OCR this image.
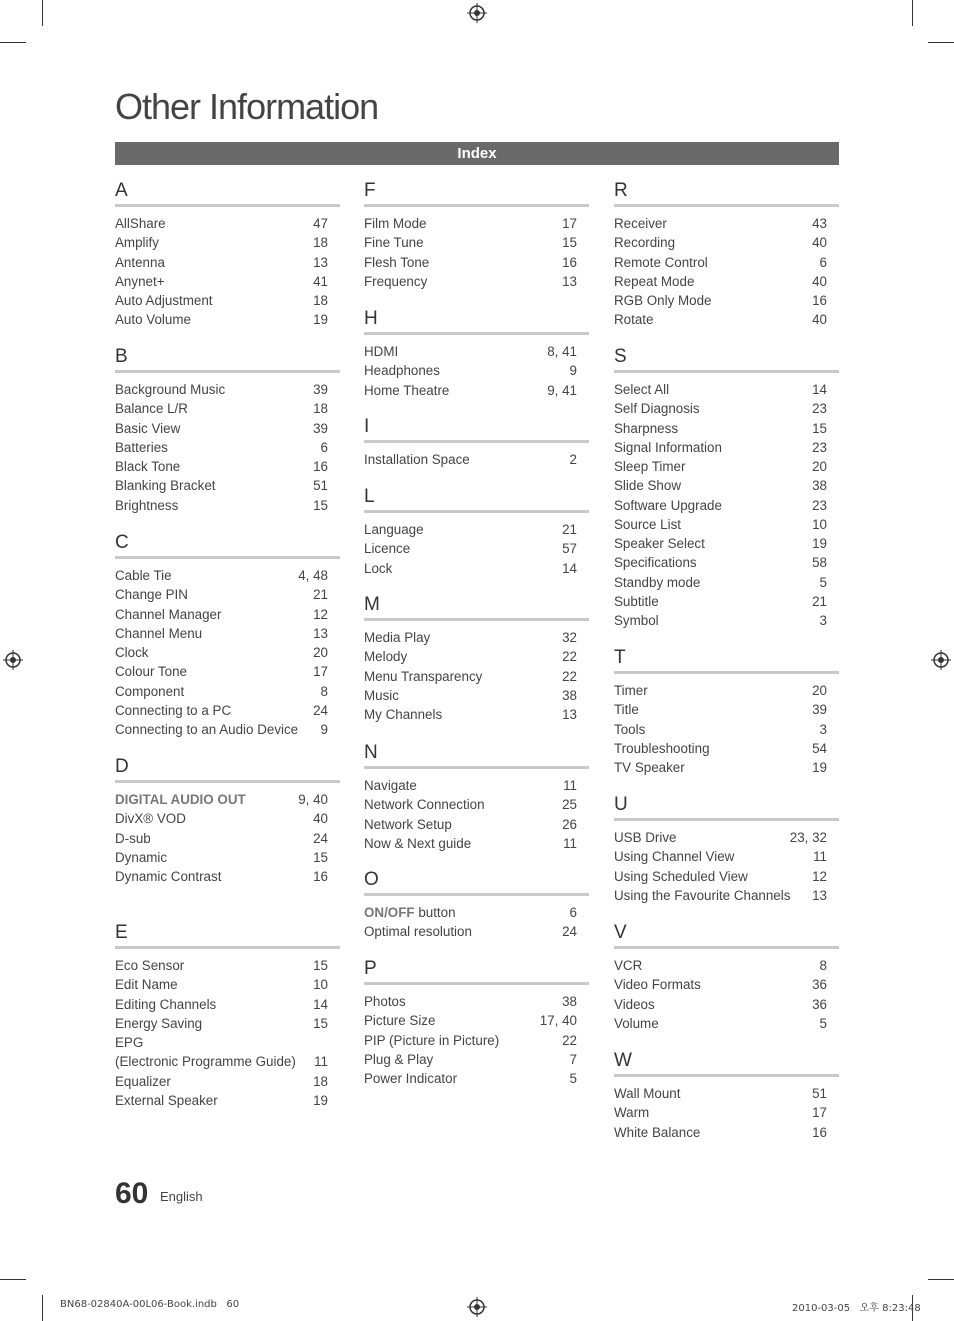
Other Information
Index
A
AllShare	47
Amplify	18
Antenna	13
Anynet+	41
Auto Adjustment	18
Auto Volume	19
B
Background Music	39
Balance L/R	18
Basic View	39
Batteries	6
Black Tone	16
Blanking Bracket	51
Brightness	15
C
Cable Tie	4, 48
Change PIN	21
Channel Manager	12
Channel Menu	13
Clock	20
Colour Tone	17
Component	8
Connecting to a PC	24
Connecting to an Audio Device 9
D
DIGITAL AUDIO OUT	9, 40
DivX® VOD	40
D-sub	24
Dynamic	15
Dynamic Contrast	16
E
Eco Sensor	15
Edit Name	10
Editing Channels	14
Energy Saving	15
EPG
(Electronic Programme Guide) 11
Equalizer	18
External Speaker	19
F
Film Mode	17
Fine Tune	15
Flesh Tone	16
Frequency	13
H
HDMI	8, 41
Headphones	9
Home Theatre	9, 41
I
Installation Space	2
L
Language	21
Licence	57
Lock	14
M
Media Play	32
Melody	22
Menu Transparency	22
Music	38
My Channels	13
N
Navigate	11
Network Connection	25
Network Setup	26
Now & Next guide	11
O
ON/OFF button	6
Optimal resolution	24
P
Photos	38
Picture Size	17, 40
PIP (Picture in Picture)	22
Plug & Play	7
Power Indicator	5
R
Receiver	43
Recording	40
Remote Control	6
Repeat Mode	40
RGB Only Mode	16
Rotate	40
S
Select All	14
Self Diagnosis	23
Sharpness	15
Signal Information	23
Sleep Timer	20
Slide Show	38
Software Upgrade	23
Source List	10
Speaker Select	19
Specifications	58
Standby mode	5
Subtitle	21
Symbol	3
T
Timer	20
Title	39
Tools	3
Troubleshooting	54
TV Speaker	19
U
USB Drive	23, 32
Using Channel View	11
Using Scheduled View	12
Using the Favourite Channels 13
V
VCR	8
Video Formats	36
Videos	36
Volume	5
W
Wall Mount	51
Warm	17
White Balance	16
60 English
BN68-02840A-00L06-Book.indb   60	2010-03-05   오후 8:23:48
